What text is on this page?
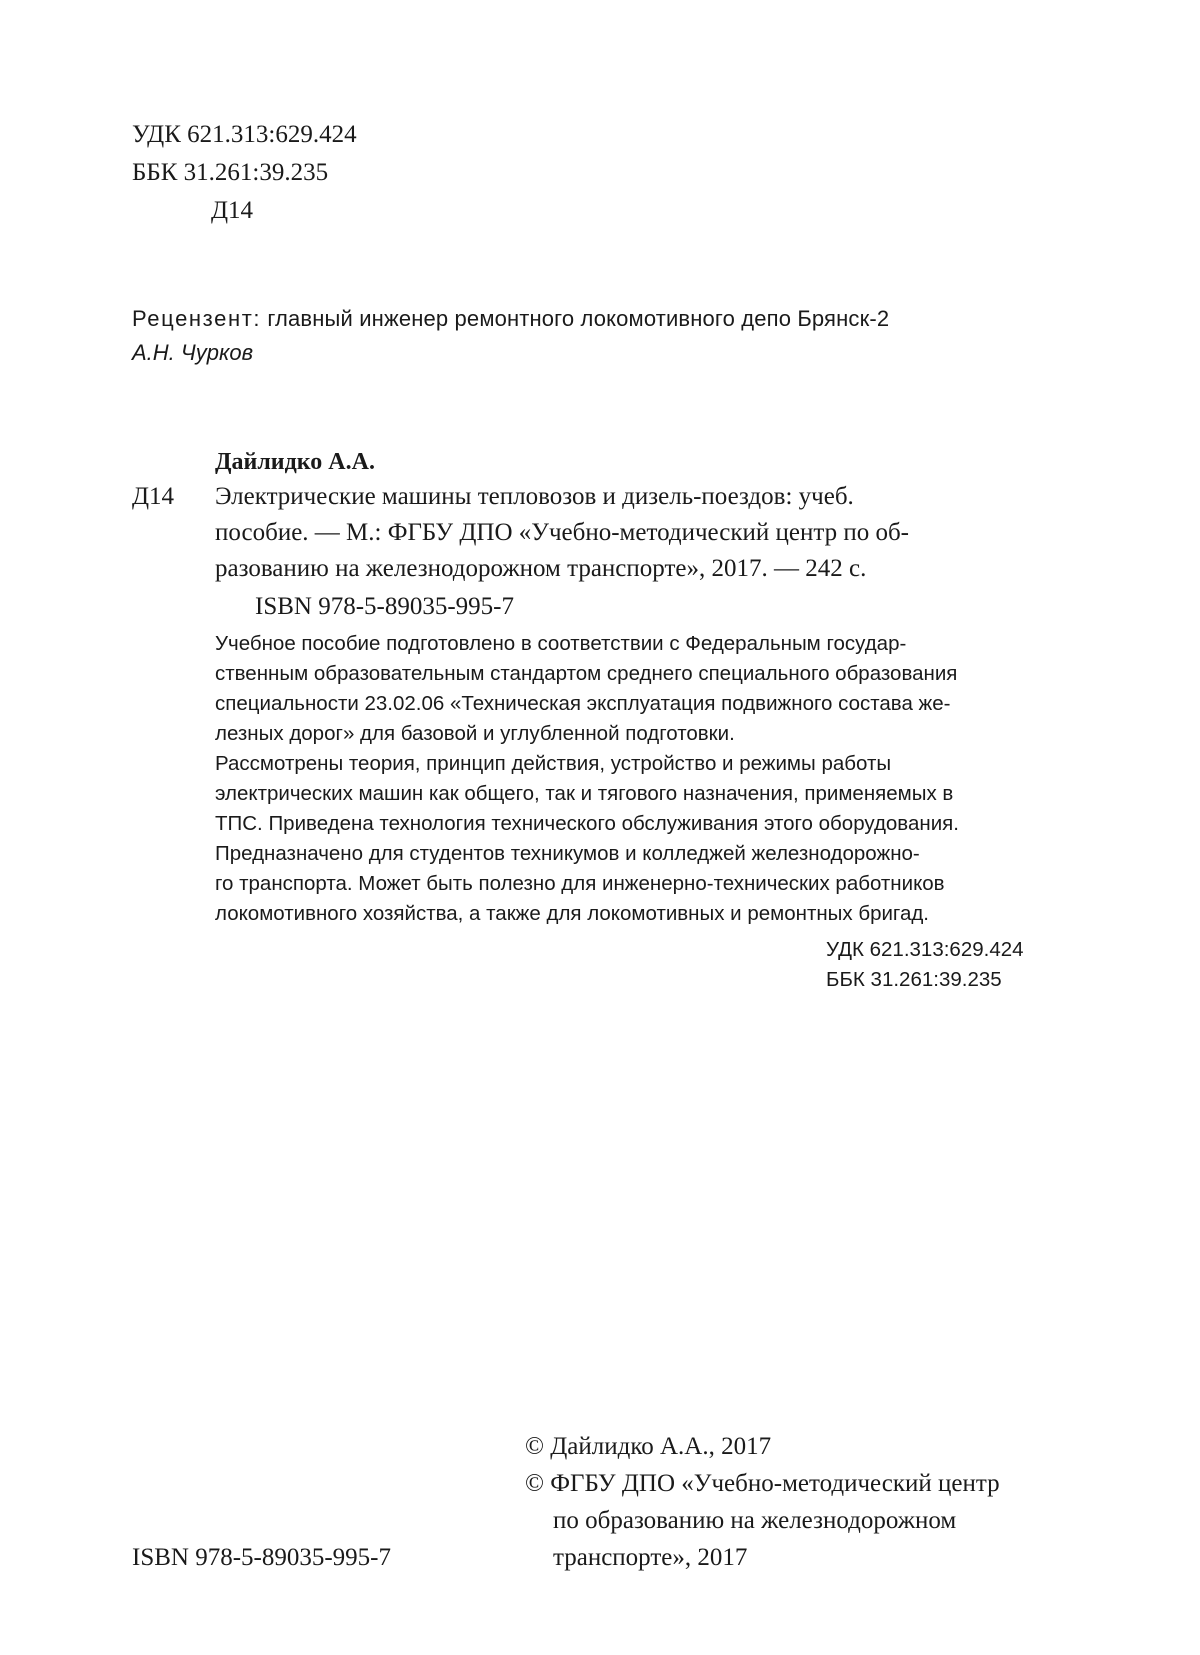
УДК 621.313:629.424

ББК 31.261:39.235

Д14

Рецензент: главный инженер ремонтного локомотивного депо Брянск-2

А.Н. Чурков

Дайлидко А.А.

Д14 Электрические машины тепловозов и дизель-поездов: учеб.

пособие. — М.: ФГБУ ДПО «Учебно-методический центр по об-

разованию на железнодорожном транспорте», 2017. — 242 с.

ISBN 978-5-89035-995-7

Учебное пособие подготовлено в соответствии с Федеральным государ-

ственным образовательным стандартом среднего специального образования

специальности 23.02.06 «Техническая эксплуатация подвижного состава же-

лезных дорог» для базовой и углубленной подготовки.

Рассмотрены теория, принцип действия, устройство и режимы работы

электрических машин как общего, так и тягового назначения, применяемых в

ТПС. Приведена технология технического обслуживания этого оборудования.

Предназначено для студентов техникумов и колледжей железнодорожно-

го транспорта. Может быть полезно для инженерно-технических работников

локомотивного хозяйства, а также для локомотивных и ремонтных бригад.

УДК 621.313:629.424

ББК 31.261:39.235

© Дайлидко А.А., 2017

© ФГБУ ДПО «Учебно-методический центр

по образованию на железнодорожном

транспорте», 2017

ISBN 978-5-89035-995-7
